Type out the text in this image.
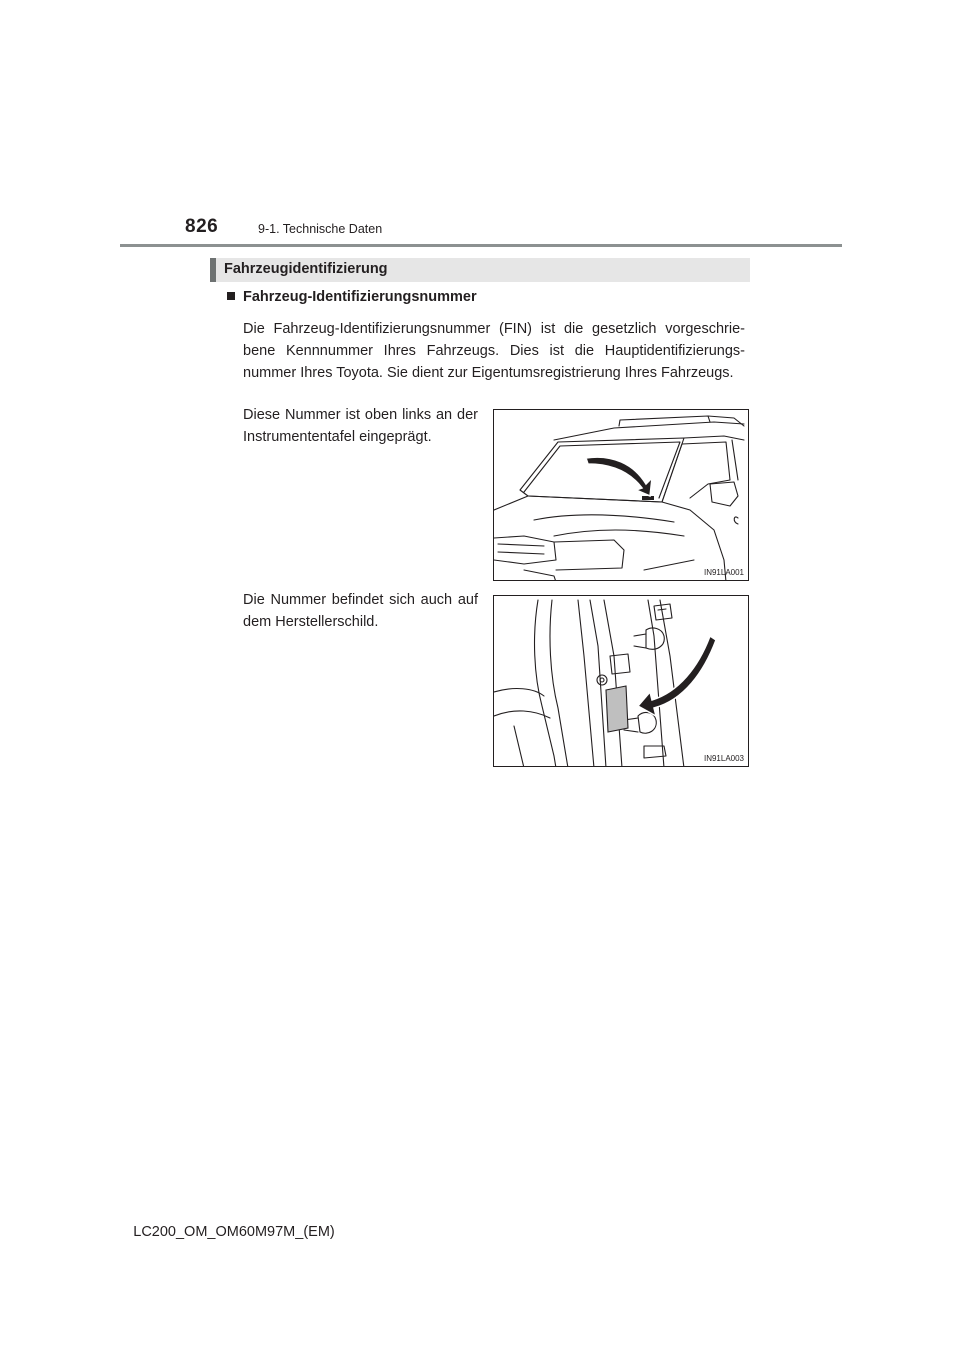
826	9-1. Technische Daten
Fahrzeugidentifizierung
Fahrzeug-Identifizierungsnummer
Die Fahrzeug-Identifizierungsnummer (FIN) ist die gesetzlich vorgeschrie-bene Kennnummer Ihres Fahrzeugs. Dies ist die Hauptidentifizierungs-nummer Ihres Toyota. Sie dient zur Eigentumsregistrierung Ihres Fahrzeugs.
Diese Nummer ist oben links an der Instrumententafel eingeprägt.
IN91LA001
Die Nummer befindet sich auch auf dem Herstellerschild.
IN91LA003
LC200_OM_OM60M97M_(EM)
